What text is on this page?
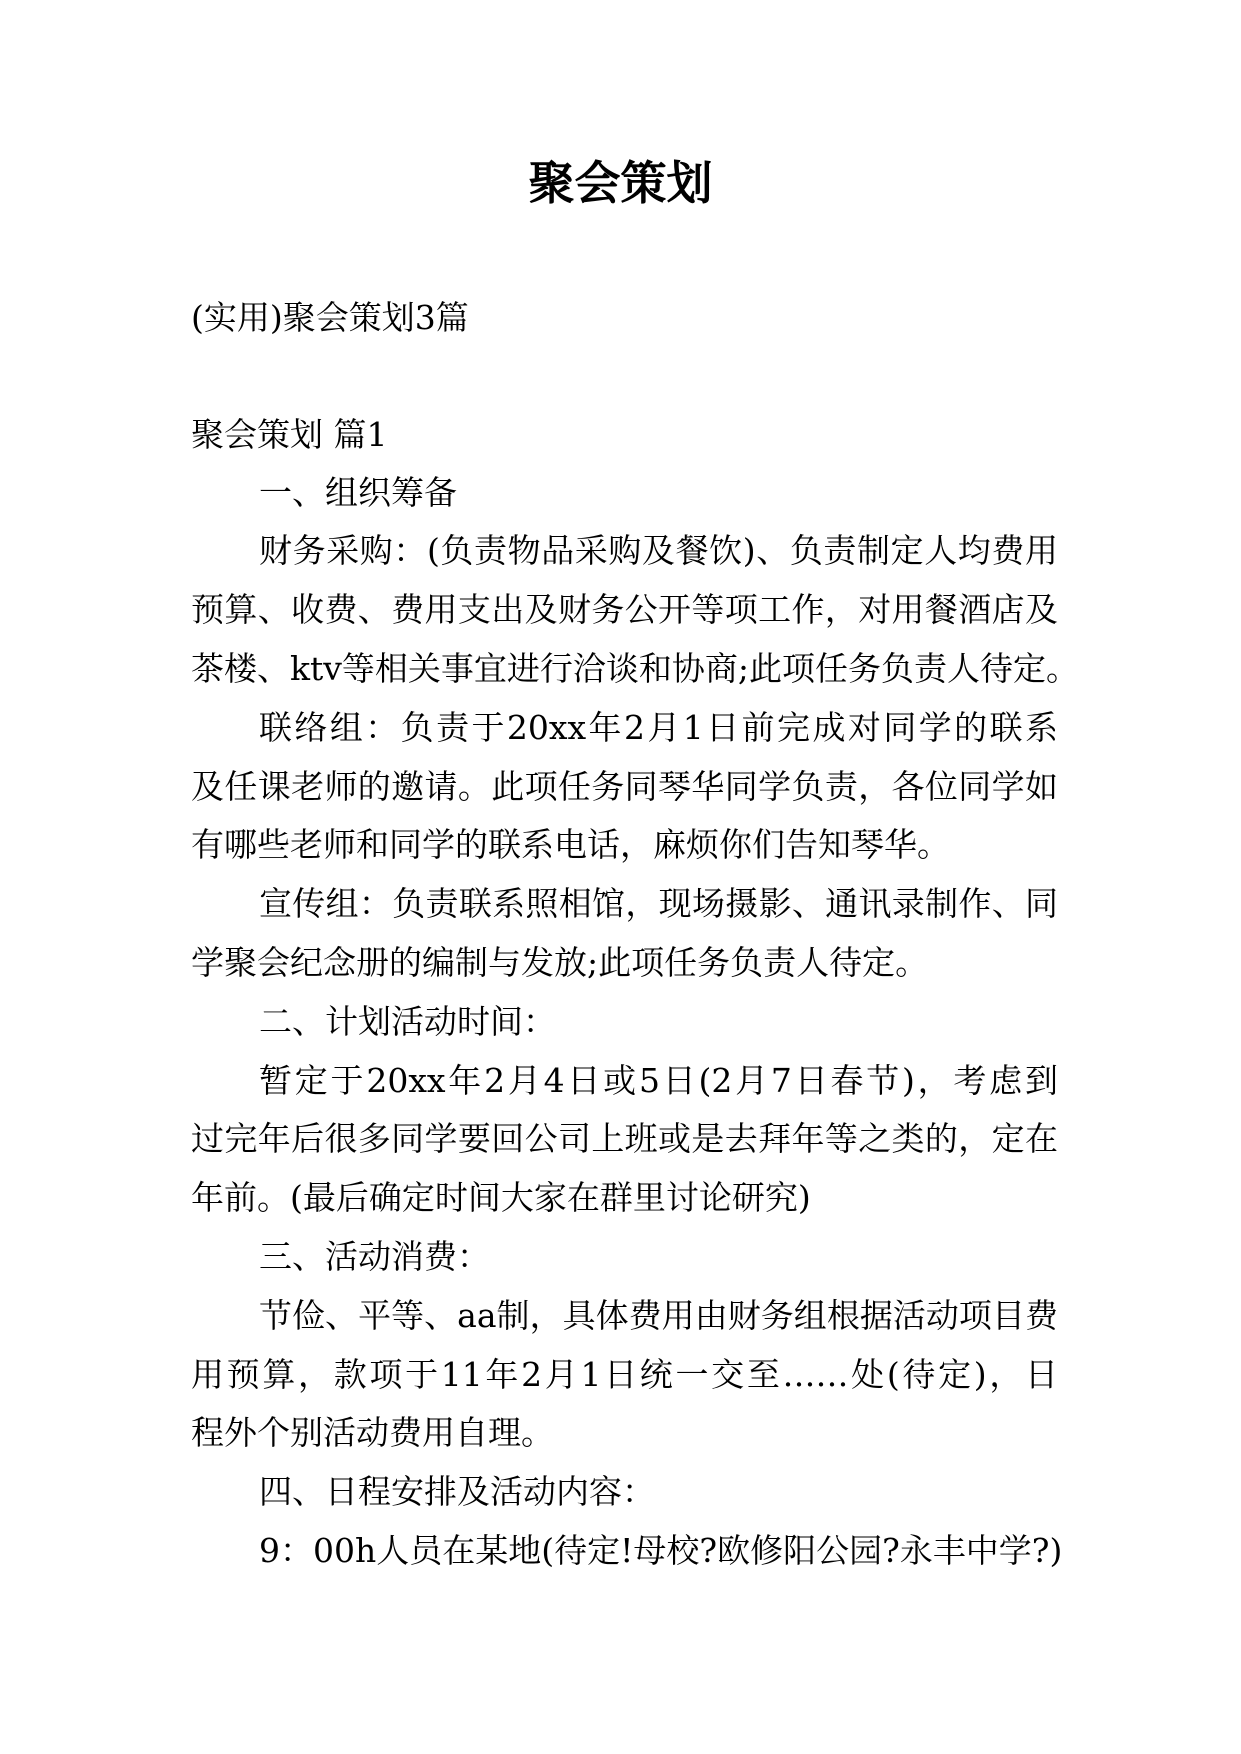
聚会策划
(实用)聚会策划3篇
聚会策划 篇1
一、组织筹备
财务采购：(负责物品采购及餐饮)、负责制定人均费用
预算、收费、费用支出及财务公开等项工作，对用餐酒店及
茶楼、ktv等相关事宜进行洽谈和协商;此项任务负责人待定。
联络组：负责于20xx年2月1日前完成对同学的联系
及任课老师的邀请。此项任务同琴华同学负责，各位同学如
有哪些老师和同学的联系电话，麻烦你们告知琴华。
宣传组：负责联系照相馆，现场摄影、通讯录制作、同
学聚会纪念册的编制与发放;此项任务负责人待定。
二、计划活动时间：
暂定于20xx年2月4日或5日(2月7日春节)，考虑到
过完年后很多同学要回公司上班或是去拜年等之类的，定在
年前。(最后确定时间大家在群里讨论研究)
三、活动消费：
节俭、平等、aa制，具体费用由财务组根据活动项目费
用预算，款项于11年2月1日统一交至……处(待定)，日
程外个别活动费用自理。
四、日程安排及活动内容：
9：00h人员在某地(待定!母校?欧修阳公园?永丰中学?)
